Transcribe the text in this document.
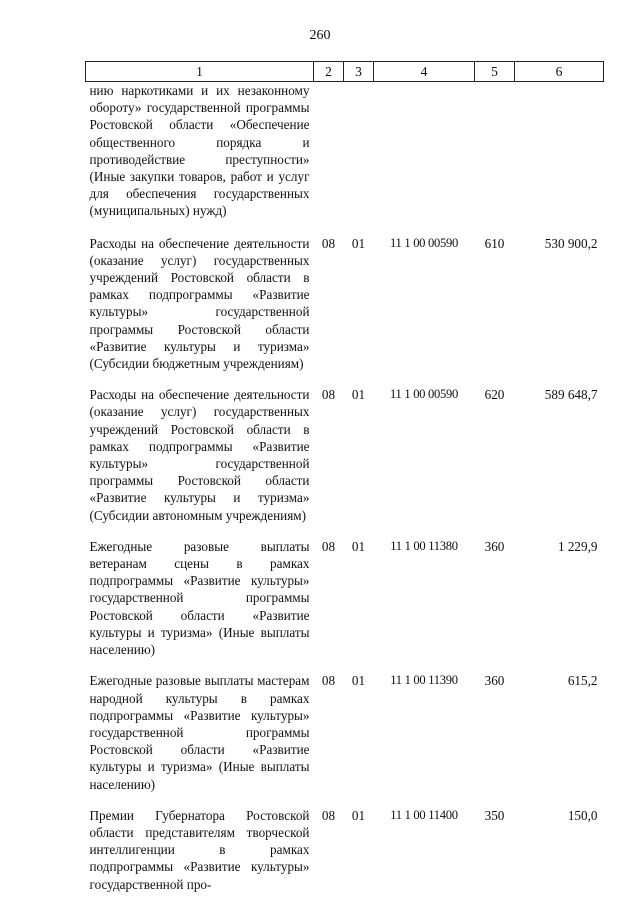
260
1	2	3	4	5	6
нию наркотиками и их незаконному обороту» государственной программы Ростовской области «Обеспечение общественного порядка и противодействие преступности» (Иные закупки товаров, работ и услуг для обеспечения государственных (муниципальных) нужд)					
Расходы на обеспечение деятельности (оказание услуг) государственных учреждений Ростовской области в рамках подпрограммы «Развитие культуры» государственной программы Ростовской области «Развитие культуры и туризма» (Субсидии бюджетным учреждениям)	08	01	11 1 00 00590	610	530 900,2
Расходы на обеспечение деятельности (оказание услуг) государственных учреждений Ростовской области в рамках подпрограммы «Развитие культуры» государственной программы Ростовской области «Развитие культуры и туризма» (Субсидии автономным учреждениям)	08	01	11 1 00 00590	620	589 648,7
Ежегодные разовые выплаты ветеранам сцены в рамках подпрограммы «Развитие культуры» государственной программы Ростовской области «Развитие культуры и туризма» (Иные выплаты населению)	08	01	11 1 00 11380	360	1 229,9
Ежегодные разовые выплаты мастерам народной культуры в рамках подпрограммы «Развитие культуры» государственной программы Ростовской области «Развитие культуры и туризма» (Иные выплаты населению)	08	01	11 1 00 11390	360	615,2
Премии Губернатора Ростовской области представителям творческой интеллигенции в рамках подпрограммы «Развитие культуры» государственной про-	08	01	11 1 00 11400	350	150,0
